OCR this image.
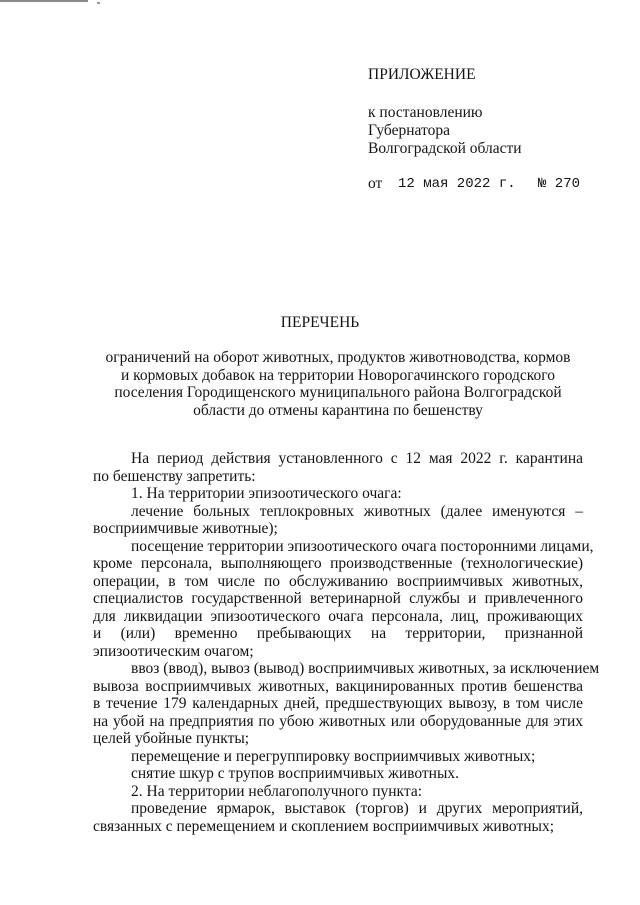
ПРИЛОЖЕНИЕ
к постановлению
Губернатора
Волгоградской области
от 12 мая 2022 г. № 270
ПЕРЕЧЕНЬ
ограничений на оборот животных, продуктов животноводства, кормов
и кормовых добавок на территории Новорогачинского городского
поселения Городищенского муниципального района Волгоградской
области до отмены карантина по бешенству
На период действия установленного с 12 мая 2022 г. карантина
по бешенству запретить:
1. На территории эпизоотического очага:
лечение больных теплокровных животных (далее именуются –
восприимчивые животные);
посещение территории эпизоотического очага посторонними лицами,
кроме персонала, выполняющего производственные (технологические)
операции, в том числе по обслуживанию восприимчивых животных,
специалистов государственной ветеринарной службы и привлеченного
для ликвидации эпизоотического очага персонала, лиц, проживающих
и (или) временно пребывающих на территории, признанной
эпизоотическим очагом;
ввоз (ввод), вывоз (вывод) восприимчивых животных, за исключением
вывоза восприимчивых животных, вакцинированных против бешенства
в течение 179 календарных дней, предшествующих вывозу, в том числе
на убой на предприятия по убою животных или оборудованные для этих
целей убойные пункты;
перемещение и перегруппировку восприимчивых животных;
снятие шкур с трупов восприимчивых животных.
2. На территории неблагополучного пункта:
проведение ярмарок, выставок (торгов) и других мероприятий,
связанных с перемещением и скоплением восприимчивых животных;
